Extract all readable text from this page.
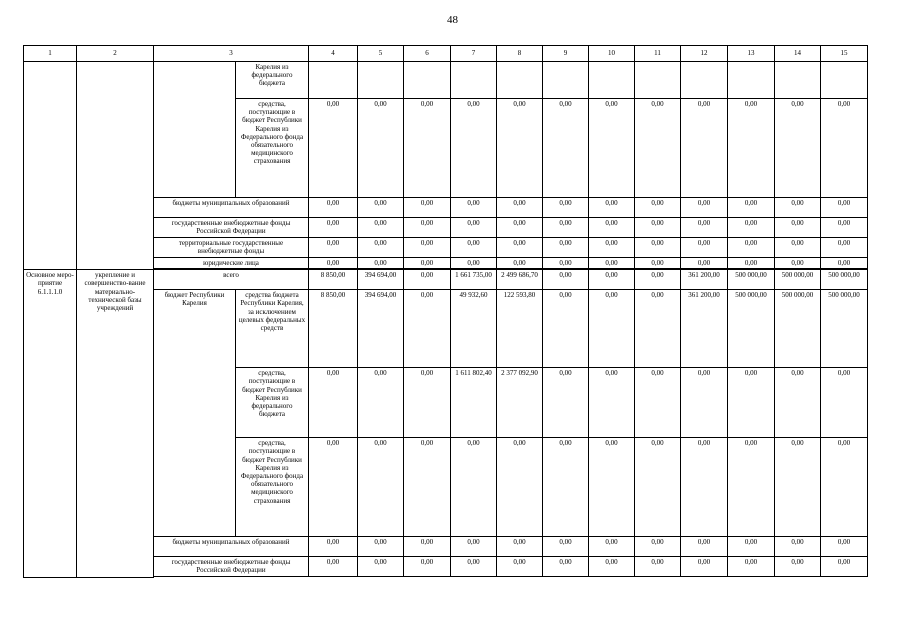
48
1	2	3		4	5	6	7	8	9	10	11	12	13	14	15
			Карелия из федерального бюджета												
			средства, поступающие в бюджет Республики Карелия из Федерального фонда обязательного медицинского страхования	0,00	0,00	0,00	0,00	0,00	0,00	0,00	0,00	0,00	0,00	0,00	0,00
		бюджеты муниципальных образований		0,00	0,00	0,00	0,00	0,00	0,00	0,00	0,00	0,00	0,00	0,00	0,00
		государственные внебюджетные фонды Российской Федерации		0,00	0,00	0,00	0,00	0,00	0,00	0,00	0,00	0,00	0,00	0,00	0,00
		территориальные государственные внебюджетные фонды		0,00	0,00	0,00	0,00	0,00	0,00	0,00	0,00	0,00	0,00	0,00	0,00
		юридические лица		0,00	0,00	0,00	0,00	0,00	0,00	0,00	0,00	0,00	0,00	0,00	0,00

Основное меро-приятие 6.1.1.1.0	укрепление и совершенство-вание материально-технической базы учреждений	всего		8 850,00	394 694,00	0,00	1 661 735,00	2 499 686,70	0,00	0,00	0,00	361 200,00	500 000,00	500 000,00	500 000,00
		бюджет Республики Карелия	средства бюджета Республики Карелия, за исключением целевых федеральных средств	8 850,00	394 694,00	0,00	49 932,60	122 593,80	0,00	0,00	0,00	361 200,00	500 000,00	500 000,00	500 000,00
			средства, поступающие в бюджет Республики Карелия из федерального бюджета	0,00	0,00	0,00	1 611 802,40	2 377 092,90	0,00	0,00	0,00	0,00	0,00	0,00	0,00
			средства, поступающие в бюджет Республики Карелия из Федерального фонда обязательного медицинского страхования	0,00	0,00	0,00	0,00	0,00	0,00	0,00	0,00	0,00	0,00	0,00	0,00
		бюджеты муниципальных образований		0,00	0,00	0,00	0,00	0,00	0,00	0,00	0,00	0,00	0,00	0,00	0,00
		государственные внебюджетные фонды Российской Федерации		0,00	0,00	0,00	0,00	0,00	0,00	0,00	0,00	0,00	0,00	0,00	0,00
